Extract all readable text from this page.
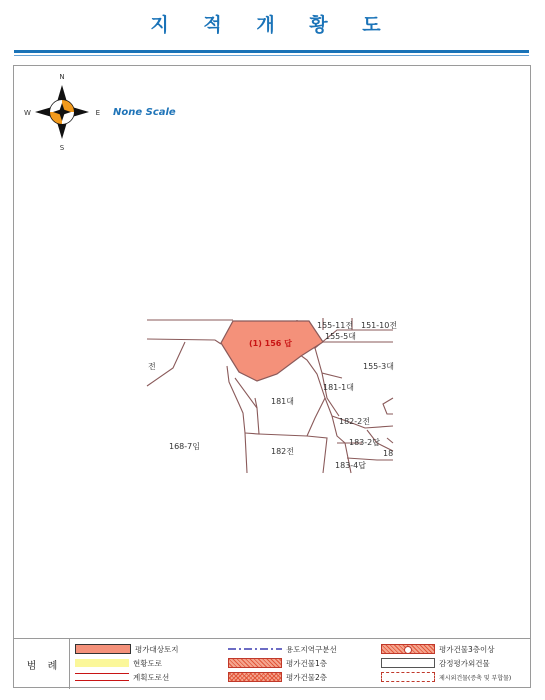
지 적 개 황 도
N
S
W	E None Scale
(1) 156 답
155-11전 151-10전
155-5대
155-3대
181-1대
181대
182-2전
183-2답
182전
168-7임
183-4답
18
전
범 례
평가대상토지
현황도로
계획도로선
용도지역구분선
평가건물1층
평가건물2층
평가건물3층이상
감정평가외건물
제시외건물(증축 및 부합물)
